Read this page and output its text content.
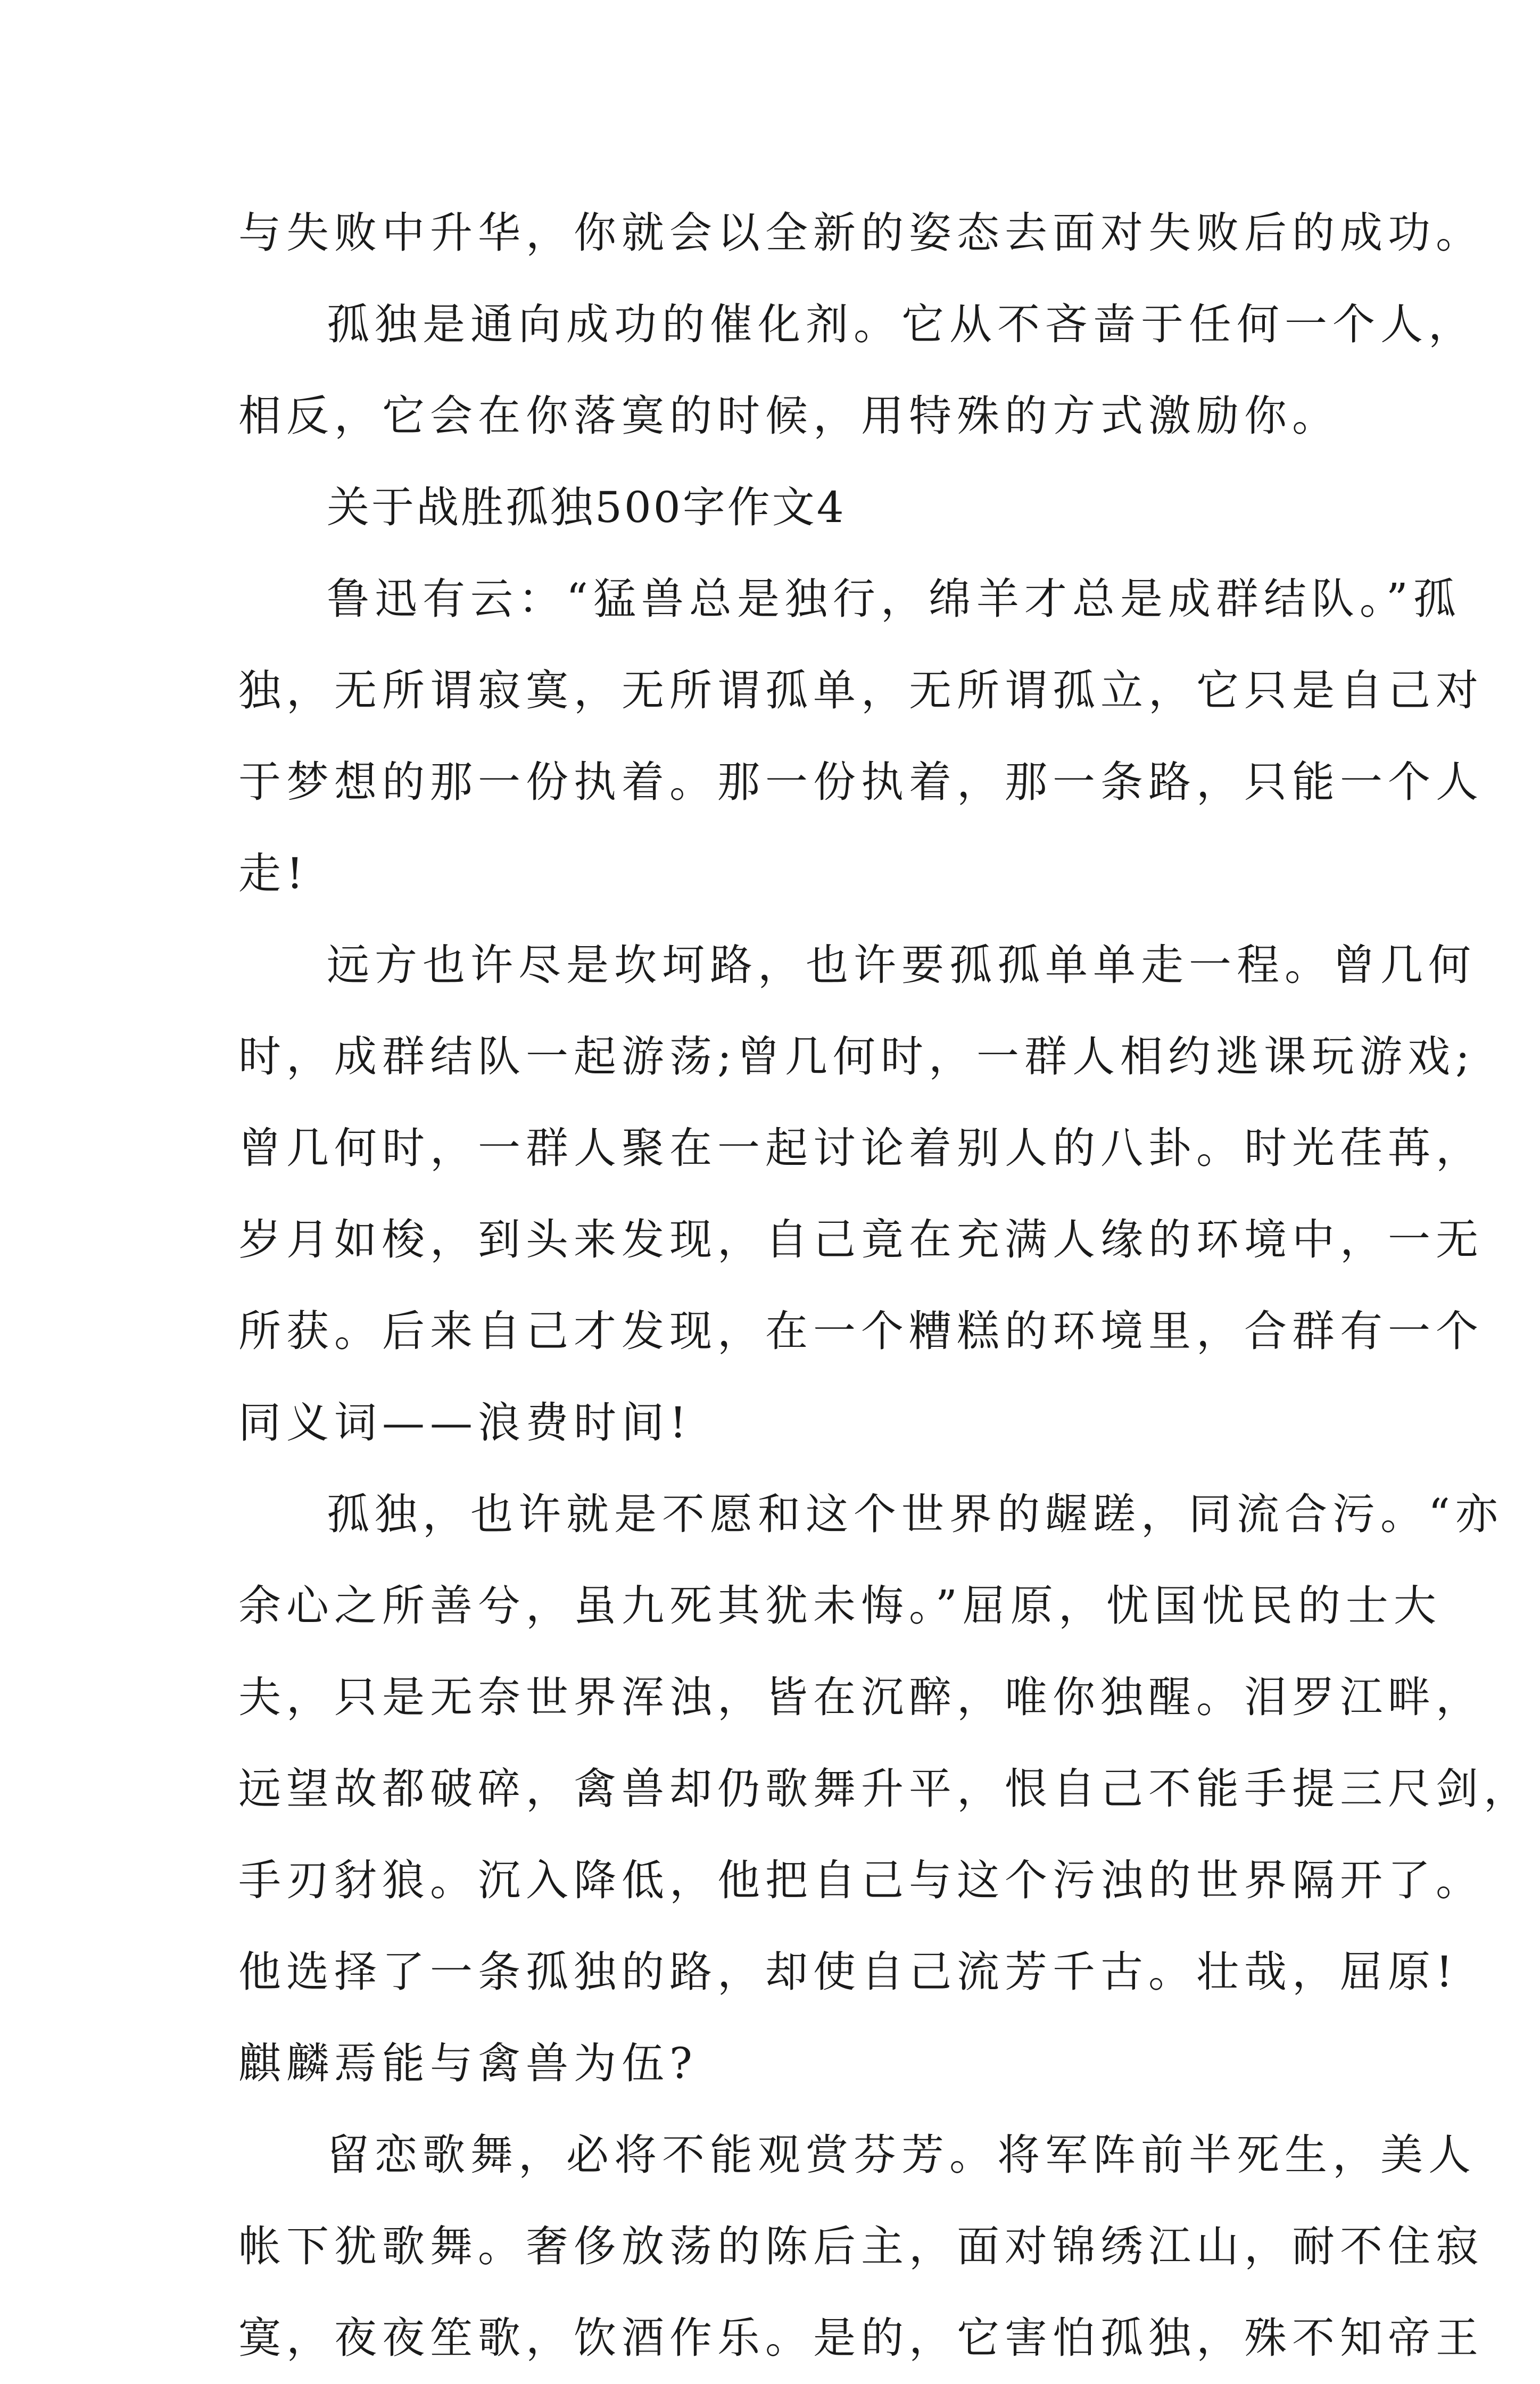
与失败中升华，你就会以全新的姿态去面对失败后的成功。
孤独是通向成功的催化剂。它从不吝啬于任何一个人，
相反，它会在你落寞的时候，用特殊的方式激励你。
关于战胜孤独500字作文4
鲁迅有云：“猛兽总是独行，绵羊才总是成群结队。”孤
独，无所谓寂寞，无所谓孤单，无所谓孤立，它只是自己对
于梦想的那一份执着。那一份执着，那一条路，只能一个人
走!
远方也许尽是坎坷路，也许要孤孤单单走一程。曾几何
时，成群结队一起游荡;曾几何时，一群人相约逃课玩游戏;
曾几何时，一群人聚在一起讨论着别人的八卦。时光荏苒，
岁月如梭，到头来发现，自己竟在充满人缘的环境中，一无
所获。后来自己才发现，在一个糟糕的环境里，合群有一个
同义词——浪费时间!
孤独，也许就是不愿和这个世界的龌蹉，同流合污。“亦
余心之所善兮，虽九死其犹未悔。”屈原，忧国忧民的士大
夫，只是无奈世界浑浊，皆在沉醉，唯你独醒。泪罗江畔，
远望故都破碎，禽兽却仍歌舞升平，恨自己不能手提三尺剑，
手刃豺狼。沉入降低，他把自己与这个污浊的世界隔开了。
他选择了一条孤独的路，却使自己流芳千古。壮哉，屈原!
麒麟焉能与禽兽为伍?
留恋歌舞，必将不能观赏芬芳。将军阵前半死生，美人
帐下犹歌舞。奢侈放荡的陈后主，面对锦绣江山，耐不住寂
寞，夜夜笙歌，饮酒作乐。是的，它害怕孤独，殊不知帝王
